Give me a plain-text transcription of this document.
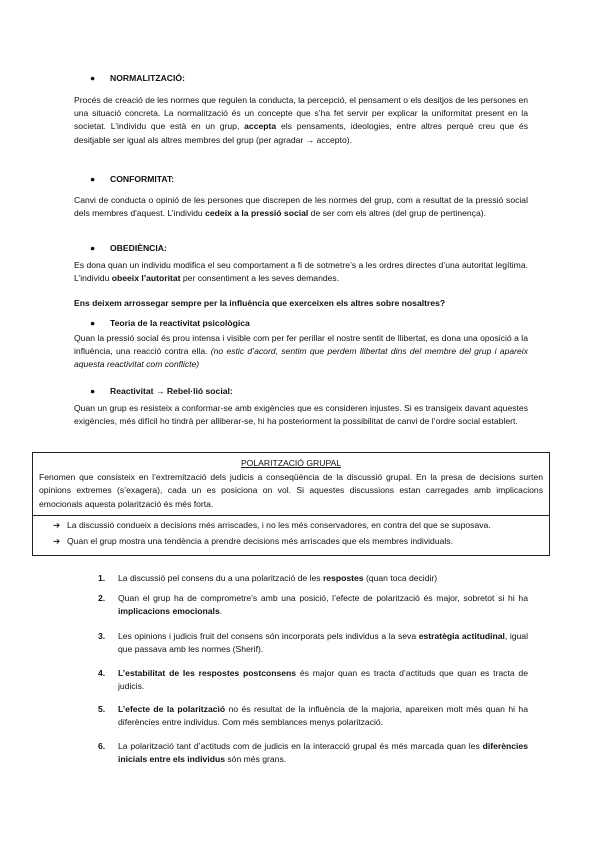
● NORMALITZACIÓ:

Procés de creació de les normes que regulen la conducta, la percepció, el pensament o els desitjos de les persones en una situació concreta. La normalització és un concepte que s’ha fet servir per explicar la uniformitat present en la societat. L’individu que està en un grup, accepta els pensaments, ideologies, entre altres perquè creu que és desitjable ser igual als altres membres del grup (per agradar → accepto).

● CONFORMITAT:

Canvi de conducta o opinió de les persones que discrepen de les normes del grup, com a resultat de la pressió social dels membres d'aquest. L’individu cedeix a la pressió social de ser com els altres (del grup de pertinença).

● OBEDIÈNCIA:

Es dona quan un individu modifica el seu comportament a fi de sotmetre’s a les ordres directes d’una autoritat legítima. L’individu obeeix l’autoritat per consentiment a les seves demandes.

Ens deixem arrossegar sempre per la influència que exerceixen els altres sobre nosaltres?
● Teoria de la reactivitat psicològica

Quan la pressió social és prou intensa i visible com per fer perillar el nostre sentit de llibertat, es dona una oposició a la influència, una reacció contra ella. (no estic d’acord, sentim que perdem llibertat dins del membre del grup i apareix aquesta reactivitat com conflicte)

● Reactivitat → Rebel·lió social:

Quan un grup es resisteix a conformar-se amb exigències que es consideren injustes. Si es transigeix davant aquestes exigències, més difícil ho tindrà per alliberar-se, hi ha posteriorment la possibilitat de canvi de l’ordre social establert.

POLARITZACIÓ GRUPAL

Fenomen que consisteix en l’extremització dels judicis a conseqüència de la discussió grupal. En la presa de decisions surten opinions extremes (s’exagera), cada un es posiciona on vol. Si aquestes discussions estan carregades amb implicacions emocionals aquesta polarització és més forta.

➔ La discussió condueix a decisions més arriscades, i no les més conservadores, en contra del que se suposava.
➔ Quan el grup mostra una tendència a prendre decisions més arriscades que els membres individuals.
1. La discussió pel consens du a una polarització de les respostes (quan toca decidir)

2. Quan el grup ha de comprometre’s amb una posició, l’efecte de polarització és major, sobretot si hi ha implicacions emocionals.

3. Les opinions i judicis fruit del consens són incorporats pels individus a la seva estratègia actitudinal, igual que passava amb les normes (Sherif).

4. L’estabilitat de les respostes postconsens és major quan es tracta d’actituds que quan es tracta de judicis.

5. L’efecte de la polarització no és resultat de la influència de la majoria, apareixen molt més quan hi ha diferències entre individus. Com més semblances menys polarització.

6. La polarització tant d’actituds com de judicis en la interacció grupal és més marcada quan les diferències inicials entre els individus són més grans.
